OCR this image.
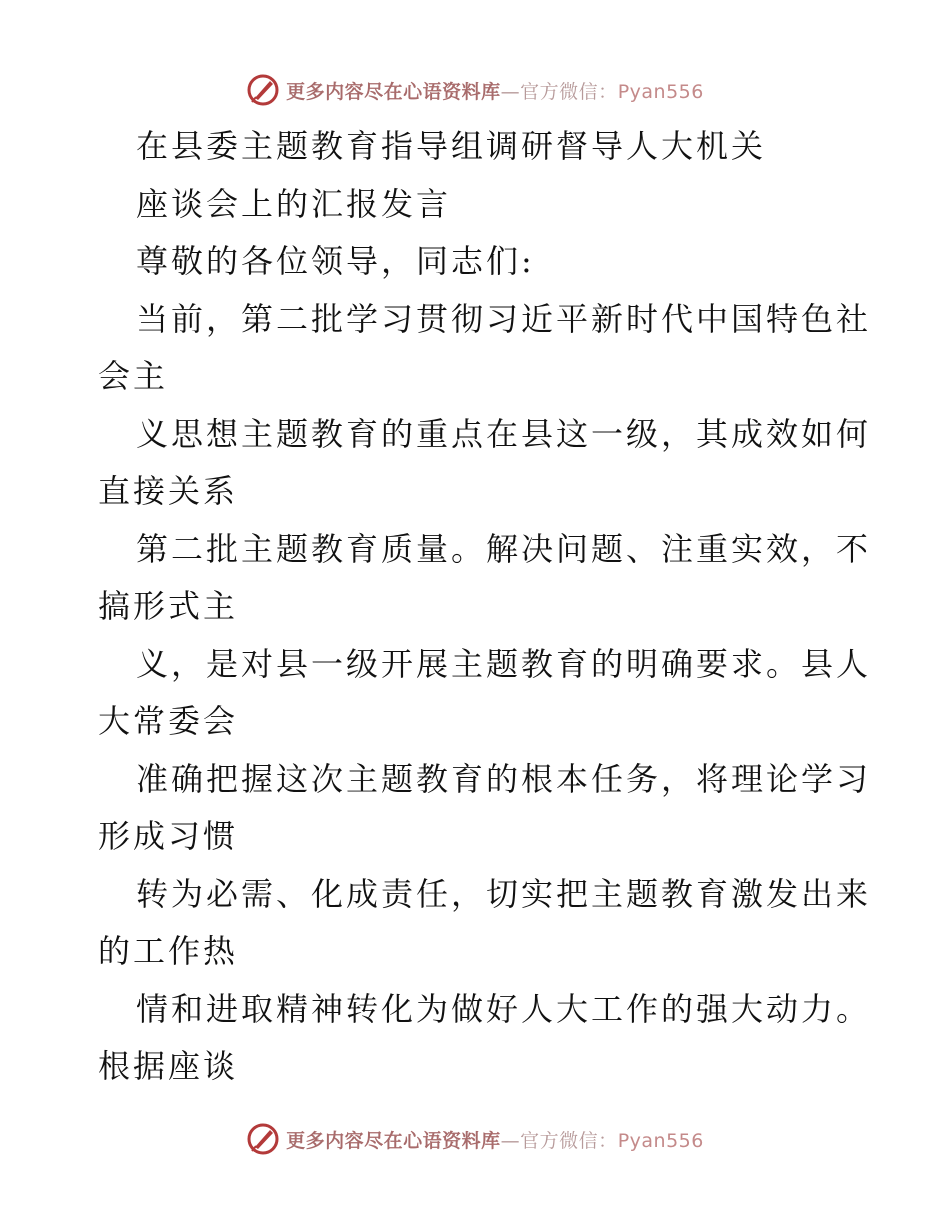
更多内容尽在心语资料库—官方微信：Pyan556
在县委主题教育指导组调研督导人大机关
座谈会上的汇报发言
尊敬的各位领导，同志们:
当前，第二批学习贯彻习近平新时代中国特色社
会主
义思想主题教育的重点在县这一级，其成效如何
直接关系
第二批主题教育质量。解决问题、注重实效，不
搞形式主
义，是对县一级开展主题教育的明确要求。县人
大常委会
准确把握这次主题教育的根本任务，将理论学习
形成习惯
转为必需、化成责任，切实把主题教育激发出来
的工作热
情和进取精神转化为做好人大工作的强大动力。
根据座谈
更多内容尽在心语资料库—官方微信：Pyan556
